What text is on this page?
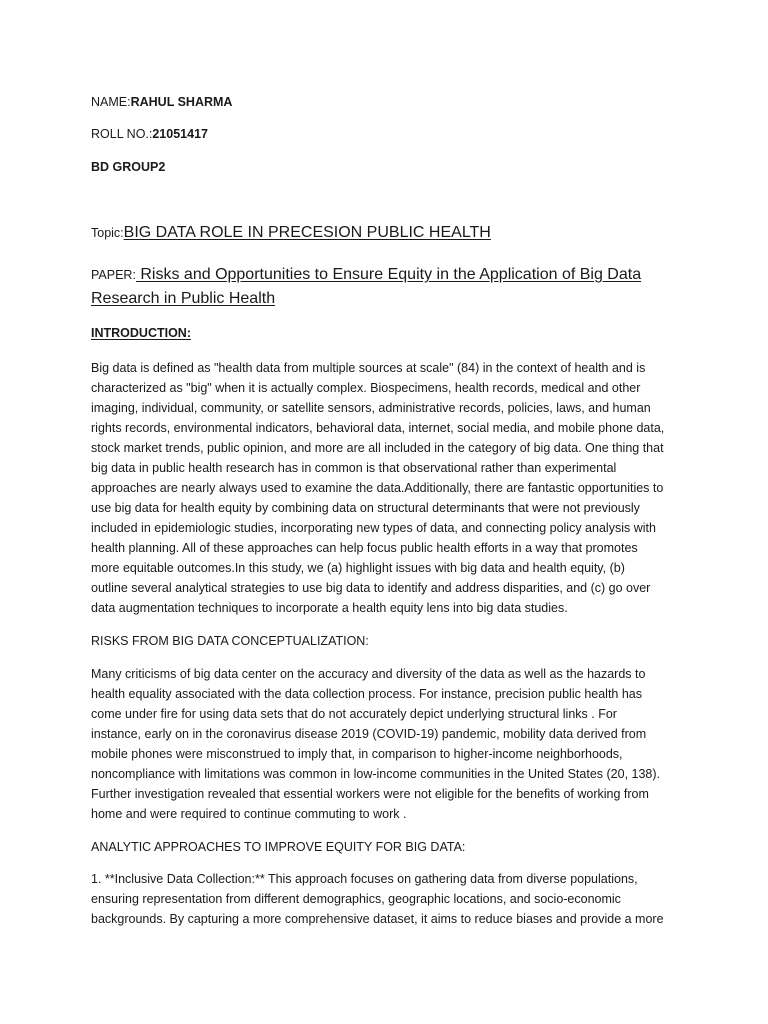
NAME:RAHUL SHARMA
ROLL NO.:21051417
BD GROUP2
Topic:BIG DATA ROLE IN PRECESION PUBLIC HEALTH
PAPER: Risks and Opportunities to Ensure Equity in the Application of Big Data
Research in Public Health
INTRODUCTION:
Big data is defined as "health data from multiple sources at scale" (84) in the context of health and is
characterized as "big" when it is actually complex. Biospecimens, health records, medical and other
imaging, individual, community, or satellite sensors, administrative records, policies, laws, and human
rights records, environmental indicators, behavioral data, internet, social media, and mobile phone data,
stock market trends, public opinion, and more are all included in the category of big data. One thing that
big data in public health research has in common is that observational rather than experimental
approaches are nearly always used to examine the data.Additionally, there are fantastic opportunities to
use big data for health equity by combining data on structural determinants that were not previously
included in epidemiologic studies, incorporating new types of data, and connecting policy analysis with
health planning. All of these approaches can help focus public health efforts in a way that promotes
more equitable outcomes.In this study, we (a) highlight issues with big data and health equity, (b)
outline several analytical strategies to use big data to identify and address disparities, and (c) go over
data augmentation techniques to incorporate a health equity lens into big data studies.
RISKS FROM BIG DATA CONCEPTUALIZATION:
Many criticisms of big data center on the accuracy and diversity of the data as well as the hazards to
health equality associated with the data collection process. For instance, precision public health has
come under fire for using data sets that do not accurately depict underlying structural links . For
instance, early on in the coronavirus disease 2019 (COVID-19) pandemic, mobility data derived from
mobile phones were misconstrued to imply that, in comparison to higher-income neighborhoods,
noncompliance with limitations was common in low-income communities in the United States (20, 138).
Further investigation revealed that essential workers were not eligible for the benefits of working from
home and were required to continue commuting to work .
ANALYTIC APPROACHES TO IMPROVE EQUITY FOR BIG DATA:
1. **Inclusive Data Collection:** This approach focuses on gathering data from diverse populations,
ensuring representation from different demographics, geographic locations, and socio-economic
backgrounds. By capturing a more comprehensive dataset, it aims to reduce biases and provide a more
